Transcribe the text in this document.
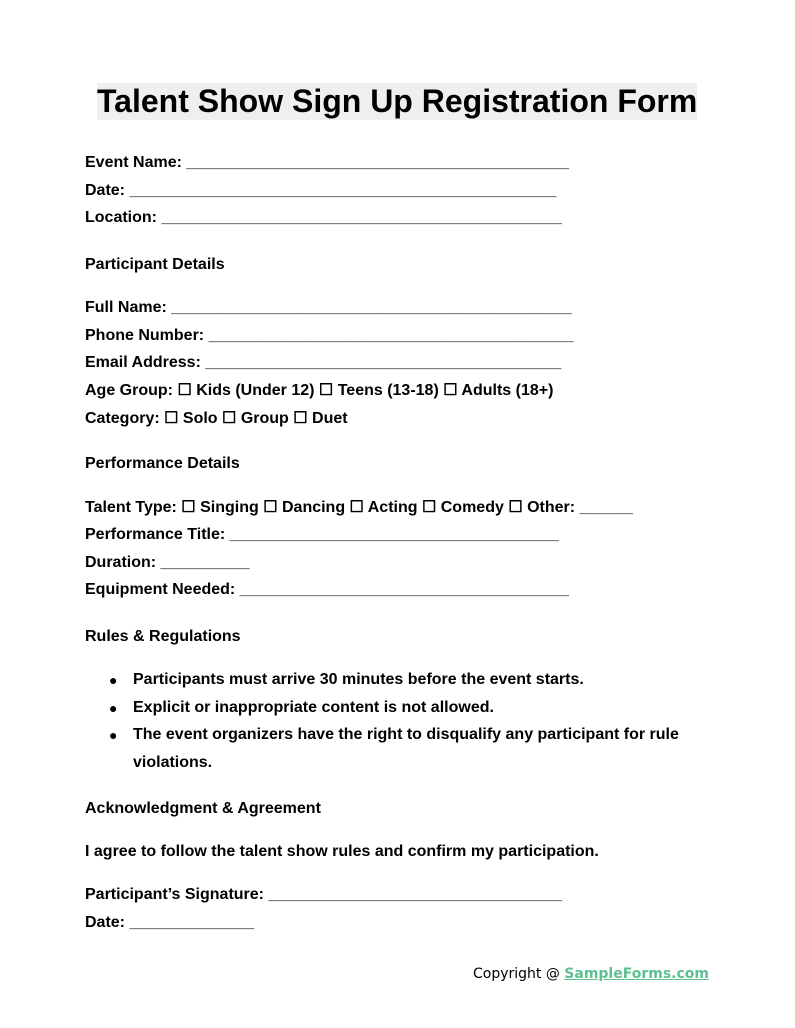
Talent Show Sign Up Registration Form
Event Name: ___________________________________________
Date: ________________________________________________
Location: _____________________________________________
Participant Details
Full Name: _____________________________________________
Phone Number: _________________________________________
Email Address: ________________________________________
Age Group: ☐ Kids (Under 12) ☐ Teens (13-18) ☐ Adults (18+)
Category: ☐ Solo ☐ Group ☐ Duet
Performance Details
Talent Type: ☐ Singing ☐ Dancing ☐ Acting ☐ Comedy ☐ Other: ______
Performance Title: _____________________________________
Duration: __________
Equipment Needed: _____________________________________
Rules & Regulations
● Participants must arrive 30 minutes before the event starts.
● Explicit or inappropriate content is not allowed.
● The event organizers have the right to disqualify any participant for rule
violations.
Acknowledgment & Agreement
I agree to follow the talent show rules and confirm my participation.
Participant’s Signature: _________________________________
Date: ______________
Copyright @ SampleForms.com
